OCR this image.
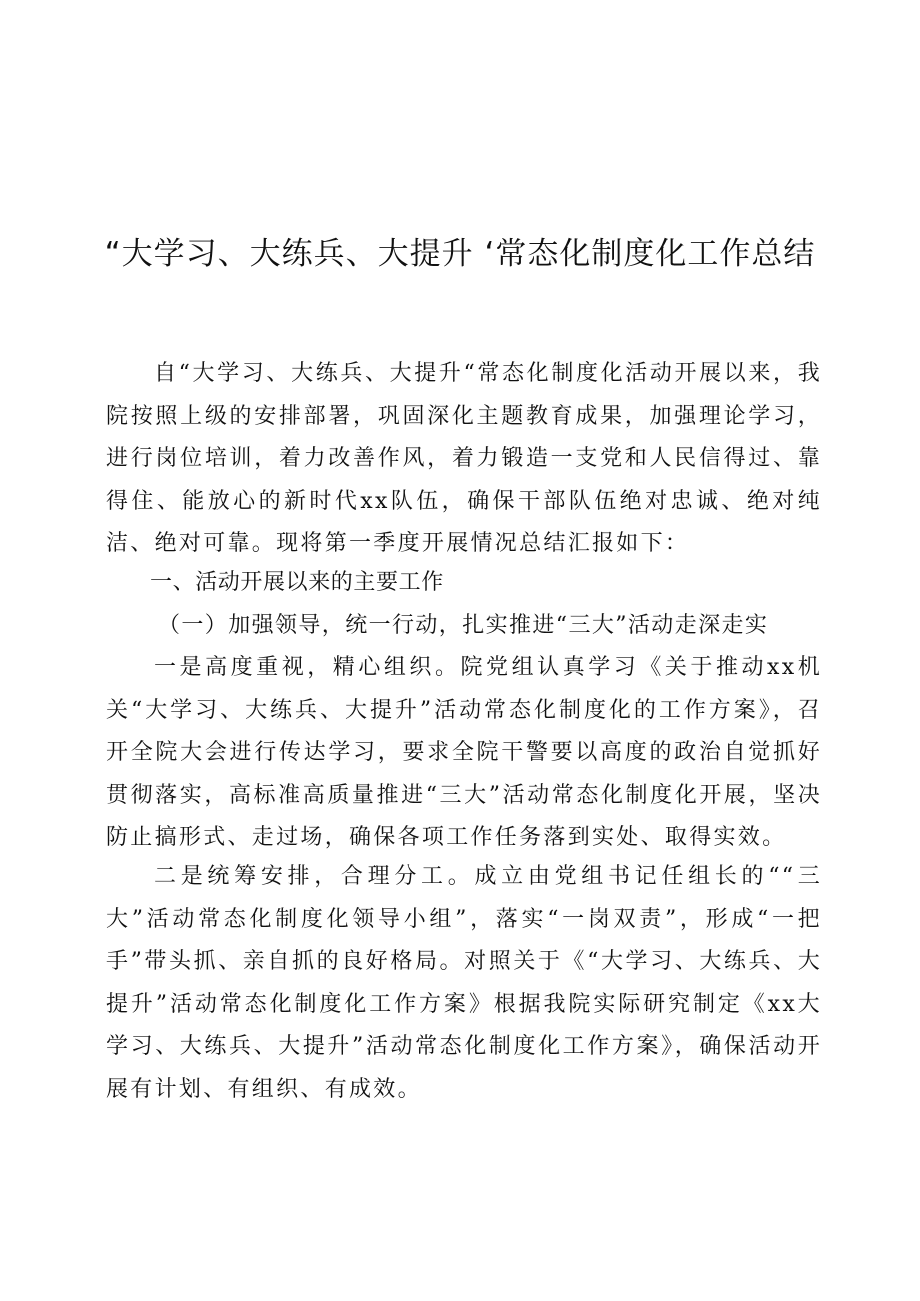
“大学习、大练兵、大提升 ‘常态化制度化工作总结

自“大学习、大练兵、大提升“常态化制度化活动开展以来，我院按照上级的安排部署，巩固深化主题教育成果，加强理论学习，进行岗位培训，着力改善作风，着力锻造一支党和人民信得过、靠得住、能放心的新时代xx队伍，确保干部队伍绝对忠诚、绝对纯洁、绝对可靠。现将第一季度开展情况总结汇报如下：

一、活动开展以来的主要工作
（一）加强领导，统一行动，扎实推进“三大”活动走深走实

一是高度重视，精心组织。院党组认真学习《关于推动xx机关“大学习、大练兵、大提升”活动常态化制度化的工作方案》，召开全院大会进行传达学习，要求全院干警要以高度的政治自觉抓好贯彻落实，高标准高质量推进“三大”活动常态化制度化开展，坚决防止搞形式、走过场，确保各项工作任务落到实处、取得实效。

二是统筹安排，合理分工。成立由党组书记任组长的““三大”活动常态化制度化领导小组”，落实“一岗双责”，形成“一把手”带头抓、亲自抓的良好格局。对照关于《“大学习、大练兵、大提升”活动常态化制度化工作方案》根据我院实际研究制定《xx大学习、大练兵、大提升”活动常态化制度化工作方案》，确保活动开展有计划、有组织、有成效。
